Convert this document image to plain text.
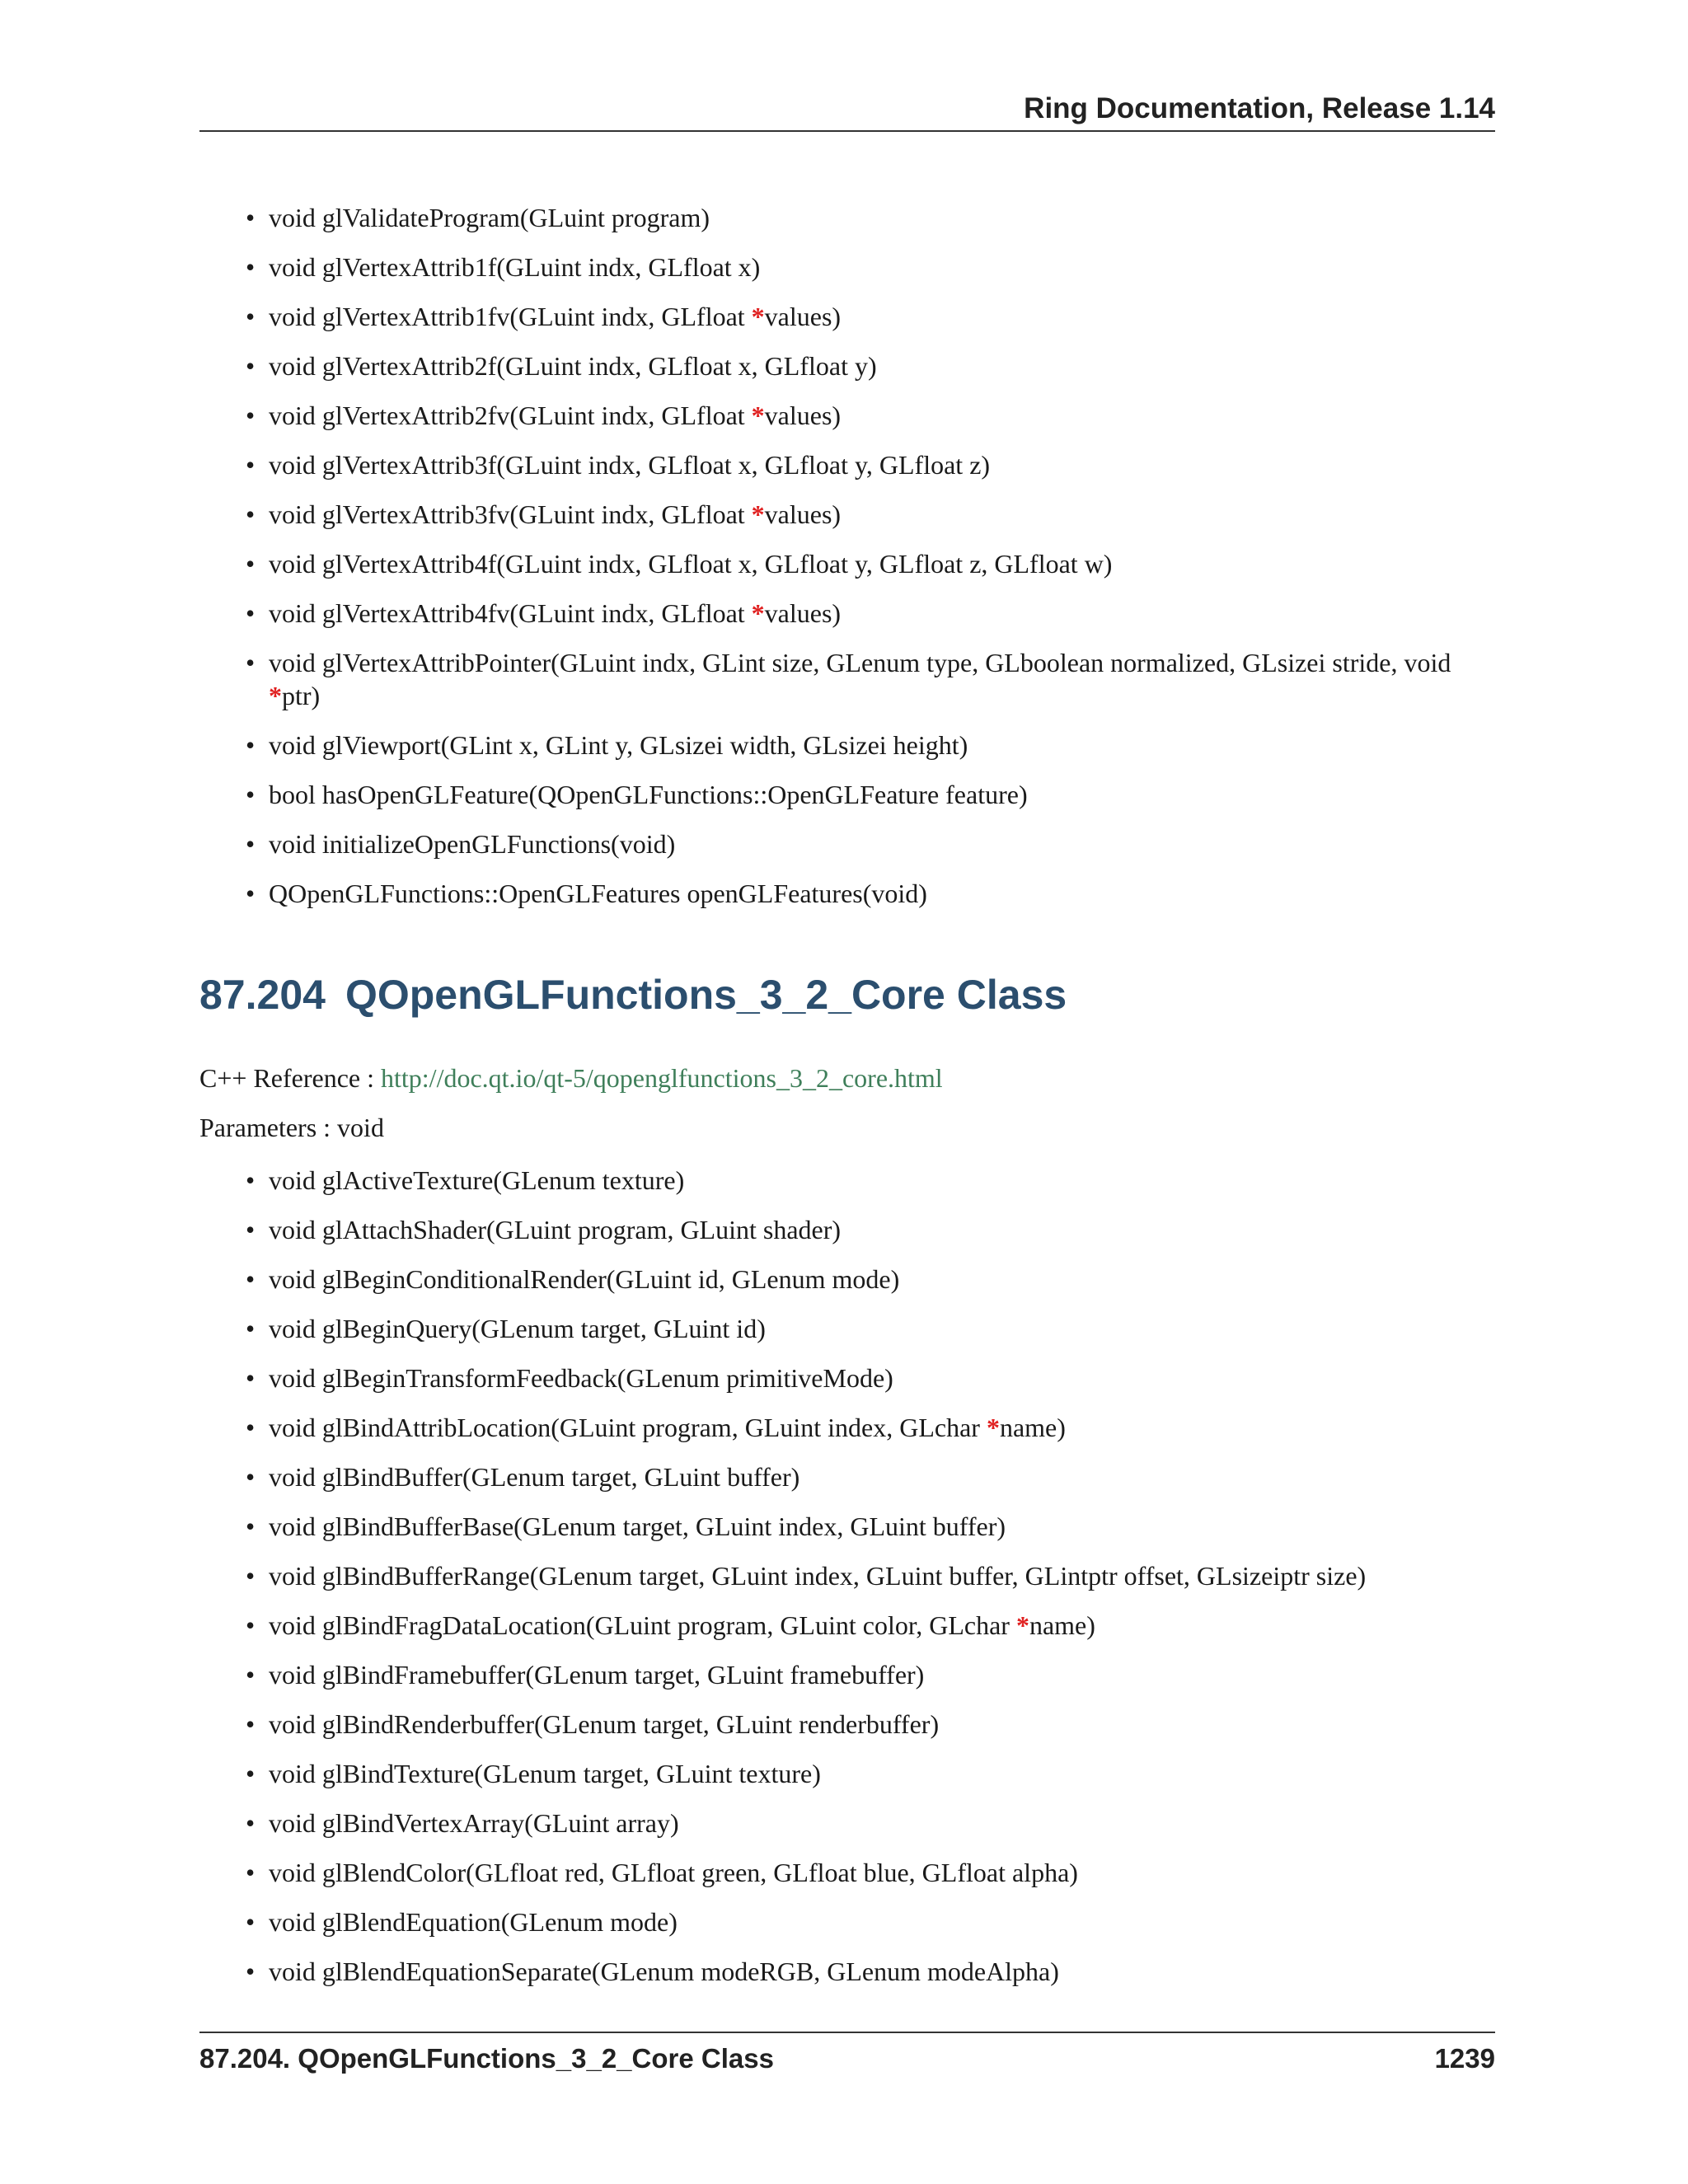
Ring Documentation, Release 1.14
• void glValidateProgram(GLuint program)
• void glVertexAttrib1f(GLuint indx, GLfloat x)
• void glVertexAttrib1fv(GLuint indx, GLfloat *values)
• void glVertexAttrib2f(GLuint indx, GLfloat x, GLfloat y)
• void glVertexAttrib2fv(GLuint indx, GLfloat *values)
• void glVertexAttrib3f(GLuint indx, GLfloat x, GLfloat y, GLfloat z)
• void glVertexAttrib3fv(GLuint indx, GLfloat *values)
• void glVertexAttrib4f(GLuint indx, GLfloat x, GLfloat y, GLfloat z, GLfloat w)
• void glVertexAttrib4fv(GLuint indx, GLfloat *values)
• void glVertexAttribPointer(GLuint indx, GLint size, GLenum type, GLboolean normalized, GLsizei stride, void *ptr)
• void glViewport(GLint x, GLint y, GLsizei width, GLsizei height)
• bool hasOpenGLFeature(QOpenGLFunctions::OpenGLFeature feature)
• void initializeOpenGLFunctions(void)
• QOpenGLFunctions::OpenGLFeatures openGLFeatures(void)
87.204 QOpenGLFunctions_3_2_Core Class
C++ Reference : http://doc.qt.io/qt-5/qopenglfunctions_3_2_core.html
Parameters : void
• void glActiveTexture(GLenum texture)
• void glAttachShader(GLuint program, GLuint shader)
• void glBeginConditionalRender(GLuint id, GLenum mode)
• void glBeginQuery(GLenum target, GLuint id)
• void glBeginTransformFeedback(GLenum primitiveMode)
• void glBindAttribLocation(GLuint program, GLuint index, GLchar *name)
• void glBindBuffer(GLenum target, GLuint buffer)
• void glBindBufferBase(GLenum target, GLuint index, GLuint buffer)
• void glBindBufferRange(GLenum target, GLuint index, GLuint buffer, GLintptr offset, GLsizeiptr size)
• void glBindFragDataLocation(GLuint program, GLuint color, GLchar *name)
• void glBindFramebuffer(GLenum target, GLuint framebuffer)
• void glBindRenderbuffer(GLenum target, GLuint renderbuffer)
• void glBindTexture(GLenum target, GLuint texture)
• void glBindVertexArray(GLuint array)
• void glBlendColor(GLfloat red, GLfloat green, GLfloat blue, GLfloat alpha)
• void glBlendEquation(GLenum mode)
• void glBlendEquationSeparate(GLenum modeRGB, GLenum modeAlpha)
87.204. QOpenGLFunctions_3_2_Core Class	1239
